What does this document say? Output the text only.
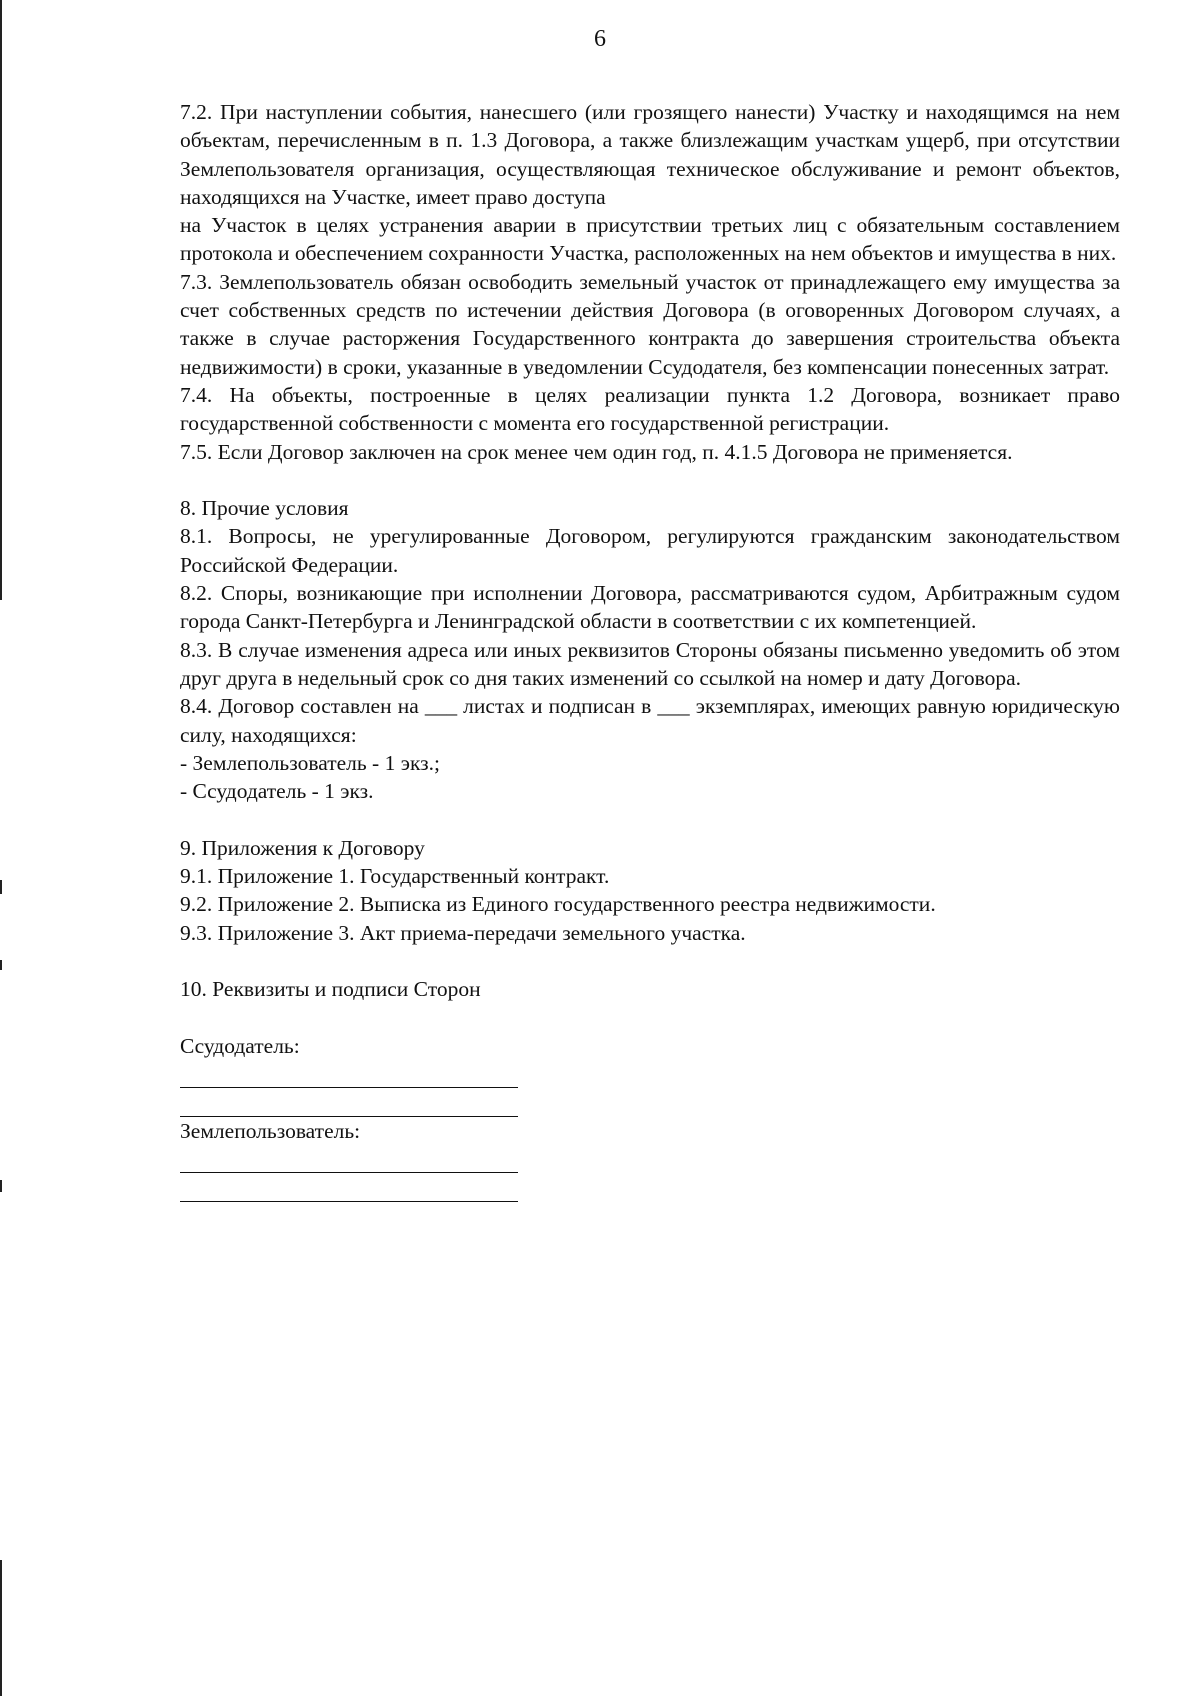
6

7.2. При наступлении события, нанесшего (или грозящего нанести) Участку и находящимся на нем объектам, перечисленным в п. 1.3 Договора, а также близлежащим участкам ущерб, при отсутствии Землепользователя организация, осуществляющая техническое обслуживание и ремонт объектов, находящихся на Участке, имеет право доступа

на Участок в целях устранения аварии в присутствии третьих лиц с обязательным составлением протокола и обеспечением сохранности Участка, расположенных на нем объектов и имущества в них.

7.3. Землепользователь обязан освободить земельный участок от принадлежащего ему имущества за счет собственных средств по истечении действия Договора (в оговоренных Договором случаях, а также в случае расторжения Государственного контракта до завершения строительства объекта недвижимости) в сроки, указанные в уведомлении Ссудодателя, без компенсации понесенных затрат.

7.4. На объекты, построенные в целях реализации пункта 1.2 Договора, возникает право государственной собственности с момента его государственной регистрации.

7.5. Если Договор заключен на срок менее чем один год, п. 4.1.5 Договора не применяется.

8. Прочие условия

8.1. Вопросы, не урегулированные Договором, регулируются гражданским законодательством Российской Федерации.

8.2. Споры, возникающие при исполнении Договора, рассматриваются судом, Арбитражным судом города Санкт-Петербурга и Ленинградской области в соответствии с их компетенцией.

8.3. В случае изменения адреса или иных реквизитов Стороны обязаны письменно уведомить об этом друг друга в недельный срок со дня таких изменений со ссылкой на номер и дату Договора.

8.4. Договор составлен на ___ листах и подписан в ___ экземплярах, имеющих равную юридическую силу, находящихся:

- Землепользователь - 1 экз.;

- Ссудодатель - 1 экз.

9. Приложения к Договору

9.1. Приложение 1. Государственный контракт.

9.2. Приложение 2. Выписка из Единого государственного реестра недвижимости.

9.3. Приложение 3. Акт приема-передачи земельного участка.

10. Реквизиты и подписи Сторон

Ссудодатель:

Землепользователь:
